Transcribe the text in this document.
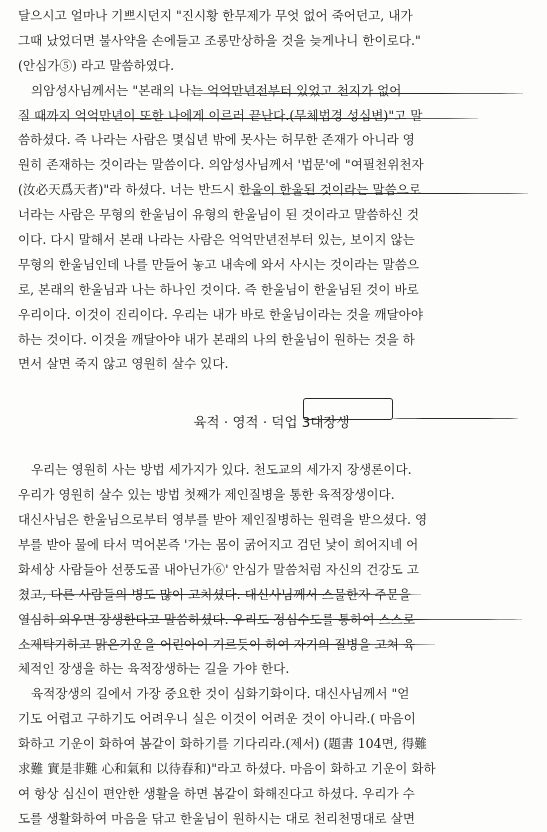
달으시고 얼마나 기쁘시던지 "진시황 한무제가 무엇 없어 죽어던고, 내가
그때 났었더면 불사약을 손에들고 조롱만상하을 것을 늦게나니 한이로다."
(안심가⑤) 라고 말씀하였다.
의암성사님께서는 "본래의 나는 억억만년전부터 있었고 천지가 없어
질 때까지 억억만년이 또한 나에게 이르러 끝난다.(무체법경 성심변)"고 말
씀하셨다. 즉 나라는 사람은 몇십년 밖에 못사는 허무한 존재가 아니라 영
원히 존재하는 것이라는 말씀이다. 의암성사님께서 '법문'에 "여필천위천자
(汝必天爲天者)"라 하셨다. 너는 반드시 한울이 한울된 것이라는 말씀으로
너라는 사람은 무형의 한울님이 유형의 한울님이 된 것이라고 말씀하신 것
이다. 다시 말해서 본래 나라는 사람은 억억만년전부터 있는, 보이지 않는
무형의 한울님인데 나를 만들어 놓고 내속에 와서 사시는 것이라는 말씀으
로, 본래의 한울님과 나는 하나인 것이다. 즉 한울님이 한울님된 것이 바로
우리이다. 이것이 진리이다. 우리는 내가 바로 한울님이라는 것을 깨달아야
하는 것이다. 이것을 깨달아야 내가 본래의 나의 한울님이 원하는 것을 하
면서 살면 죽지 않고 영원히 살수 있다.
육적 · 영적 · 덕업 3대장생
우리는 영원히 사는 방법 세가지가 있다. 천도교의 세가지 장생론이다.
우리가 영원히 살수 있는 방법 첫째가 제인질병을 통한 육적장생이다.
대신사님은 한울님으로부터 영부를 받아 제인질병하는 원력을 받으셨다. 영
부를 받아 물에 타서 먹어본즉 '가는 몸이 굵어지고 검던 낯이 희어지네 어
화세상 사람들아 선풍도골 내아닌가⑥' 안심가 말씀처럼 자신의 건강도 고
쳤고, 다른 사람들의 병도 많이 고치셨다. 대신사님께서 스물한자 주문을
열심히 외우면 장생한다고 말씀하셨다. 우리도 정심수도를 통하여 스스로
소제탁기하고 맑은기운을 어린아이 기르듯이 하여 자기의 질병을 고쳐 육
체적인 장생을 하는 육적장생하는 길을 가야 한다.
육적장생의 길에서 가장 중요한 것이 심화기화이다. 대신사님께서 "얻
기도 어렵고 구하기도 어려우니 실은 이것이 어려운 것이 아니라.( 마음이
화하고 기운이 화하여 봄같이 화하기를 기다리라.(제서) (題書 104면, 得難
求難 實是非難 心和氣和 以待春和)"라고 하셨다. 마음이 화하고 기운이 화하
여 항상 심신이 편안한 생활을 하면 봄같이 화해진다고 하셨다. 우리가 수
도를 생활화하여 마음을 닦고 한울님이 원하시는 대로 천리천명대로 살면
